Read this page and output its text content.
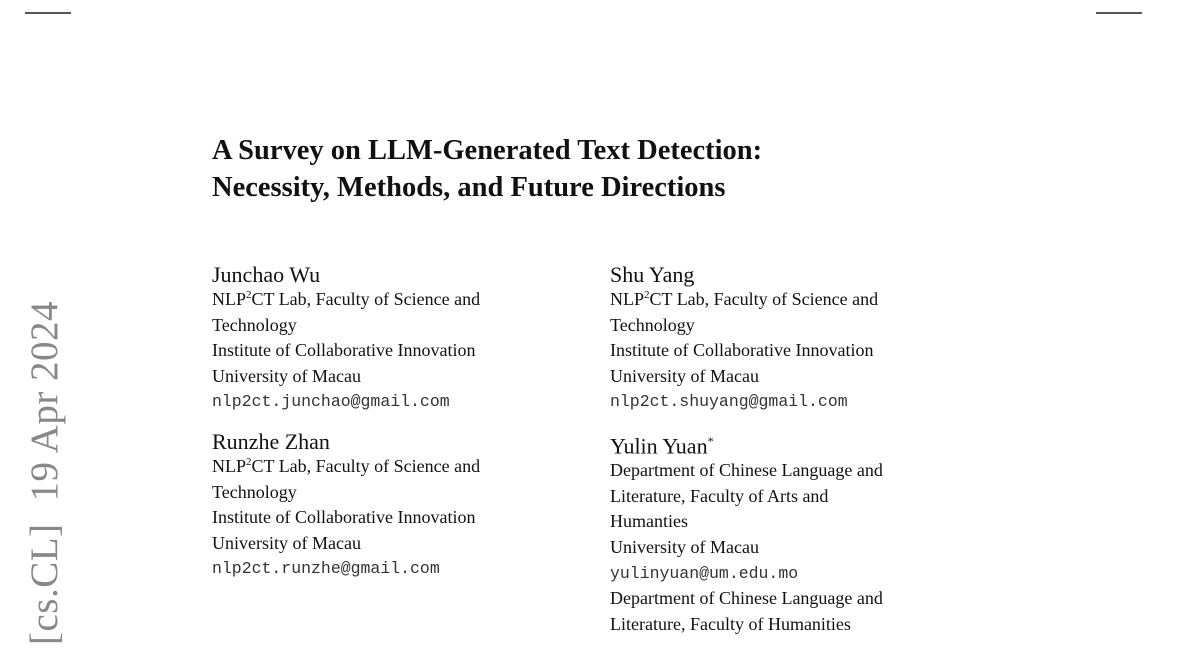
[cs.CL]19 Apr 2024
A Survey on LLM-Generated Text Detection:
Necessity, Methods, and Future Directions
Junchao Wu
NLP$^2$CT Lab, Faculty of Science and
Technology
Institute of Collaborative Innovation
University of Macau
nlp2ct.junchao@gmail.com
Shu Yang
NLP$^2$CT Lab, Faculty of Science and
Technology
Institute of Collaborative Innovation
University of Macau
nlp2ct.shuyang@gmail.com
Runzhe Zhan
NLP$^2$CT Lab, Faculty of Science and
Technology
Institute of Collaborative Innovation
University of Macau
nlp2ct.runzhe@gmail.com
Yulin Yuan*
Department of Chinese Language and
Literature, Faculty of Arts and
Humanties
University of Macau
yulinyuan@um.edu.mo
Department of Chinese Language and
Literature, Faculty of Humanities
